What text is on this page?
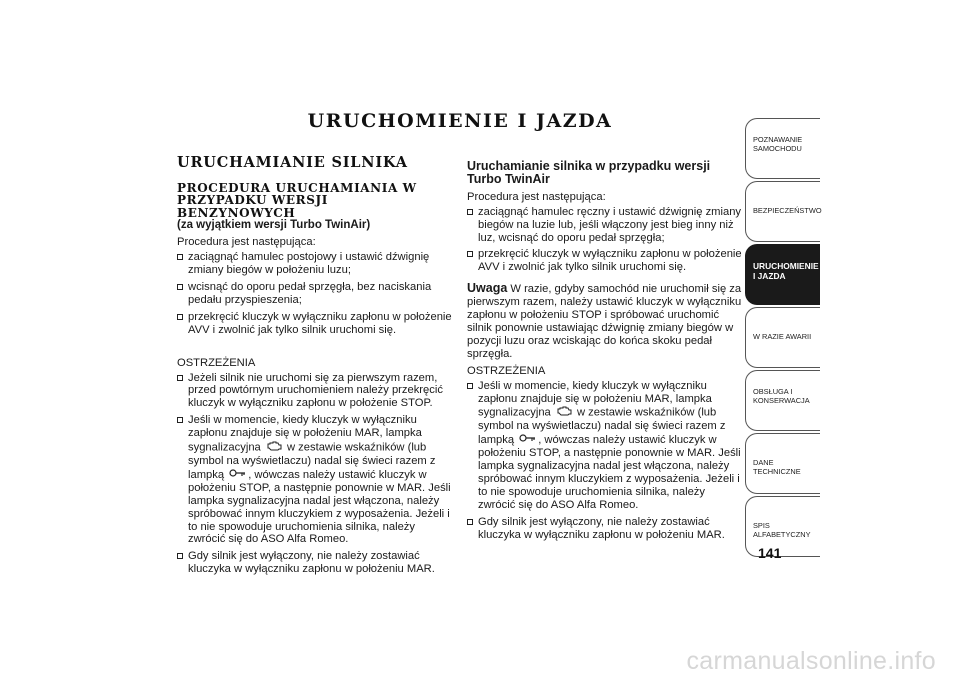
URUCHOMIENIE I JAZDA
URUCHAMIANIE SILNIKA
PROCEDURA URUCHAMIANIA W PRZYPADKU WERSJI BENZYNOWYCH
(za wyjątkiem wersji Turbo TwinAir)

Procedura jest następująca:

zaciągnąć hamulec postojowy i ustawić dźwignię zmiany biegów w położeniu luzu;
wcisnąć do oporu pedał sprzęgła, bez naciskania pedału przyspieszenia;
przekręcić kluczyk w wyłączniku zapłonu w położenie AVV i zwolnić jak tylko silnik uruchomi się.

OSTRZEŻENIA

Jeżeli silnik nie uruchomi się za pierwszym razem, przed powtórnym uruchomieniem należy przekręcić kluczyk w wyłączniku zapłonu w położenie STOP.
Jeśli w momencie, kiedy kluczyk w wyłączniku zapłonu znajduje się w położeniu MAR, lampka sygnalizacyjna w zestawie wskaźników (lub symbol na wyświetlaczu) nadal się świeci razem z lampką , wówczas należy ustawić kluczyk w położeniu STOP, a następnie ponownie w MAR. Jeśli lampka sygnalizacyjna nadal jest włączona, należy spróbować innym kluczykiem z wyposażenia. Jeżeli i to nie spowoduje uruchomienia silnika, należy zwrócić się do ASO Alfa Romeo.
Gdy silnik jest wyłączony, nie należy zostawiać kluczyka w wyłączniku zapłonu w położeniu MAR.
Uruchamianie silnika w przypadku wersji Turbo TwinAir

Procedura jest następująca:

zaciągnąć hamulec ręczny i ustawić dźwignię zmiany biegów na luzie lub, jeśli włączony jest bieg inny niż luz, wcisnąć do oporu pedał sprzęgła;
przekręcić kluczyk w wyłączniku zapłonu w położenie AVV i zwolnić jak tylko silnik uruchomi się.

Uwaga W razie, gdyby samochód nie uruchomił się za pierwszym razem, należy ustawić kluczyk w wyłączniku zapłonu w położeniu STOP i spróbować uruchomić silnik ponownie ustawiając dźwignię zmiany biegów w pozycji luzu oraz wciskając do końca skoku pedał sprzęgła.

OSTRZEŻENIA

Jeśli w momencie, kiedy kluczyk w wyłączniku zapłonu znajduje się w położeniu MAR, lampka sygnalizacyjna w zestawie wskaźników (lub symbol na wyświetlaczu) nadal się świeci razem z lampką , wówczas należy ustawić kluczyk w położeniu STOP, a następnie ponownie w MAR. Jeśli lampka sygnalizacyjna nadal jest włączona, należy spróbować innym kluczykiem z wyposażenia. Jeżeli i to nie spowoduje uruchomienia silnika, należy zwrócić się do ASO Alfa Romeo.
Gdy silnik jest wyłączony, nie należy zostawiać kluczyka w wyłączniku zapłonu w położeniu MAR.
POZNAWANIE SAMOCHODU
BEZPIECZEŃSTWO
URUCHOMIENIE I JAZDA
W RAZIE AWARII
OBSŁUGA I KONSERWACJA
DANE TECHNICZNE
SPIS ALFABETYCZNY
141
carmanualsonline.info
